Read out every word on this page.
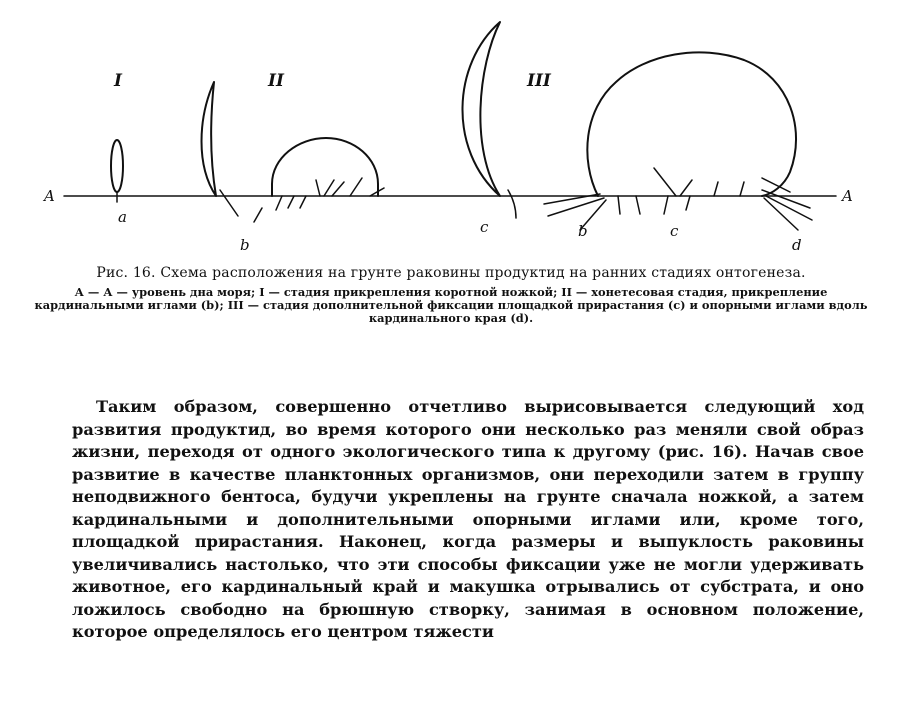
A	A
I	II	III
a
b
c	b	c
d
Рис. 16. Схема расположения на грунте раковины продуктид на ранних стадиях онтогенеза.
А — А — уровень дна моря; I — стадия прикрепления коротной ножкой; II — хонетесовая стадия, прикрепление кардинальными иглами (b); III — стадия дополнительной фиксации площадкой прирастания (c) и опорными иглами вдоль кардинального края (d).
Таким образом, совершенно отчетливо вырисовывается следующий ход развития продуктид, во время которого они несколько раз меняли свой образ жизни, переходя от одного экологического типа к другому (рис. 16). Начав свое развитие в качестве планктонных организмов, они переходили затем в группу неподвижного бентоса, будучи укреплены на грунте сначала ножкой, а затем кардинальными и дополнительными опорными иглами или, кроме того, площадкой прирастания. Наконец, когда размеры и выпуклость раковины увеличивались настолько, что эти способы фиксации уже не могли удерживать животное, его кардинальный край и макушка отрывались от субстрата, и оно ложилось свободно на брюшную створку, занимая в основном положение, которое определялось его центром тяжести
